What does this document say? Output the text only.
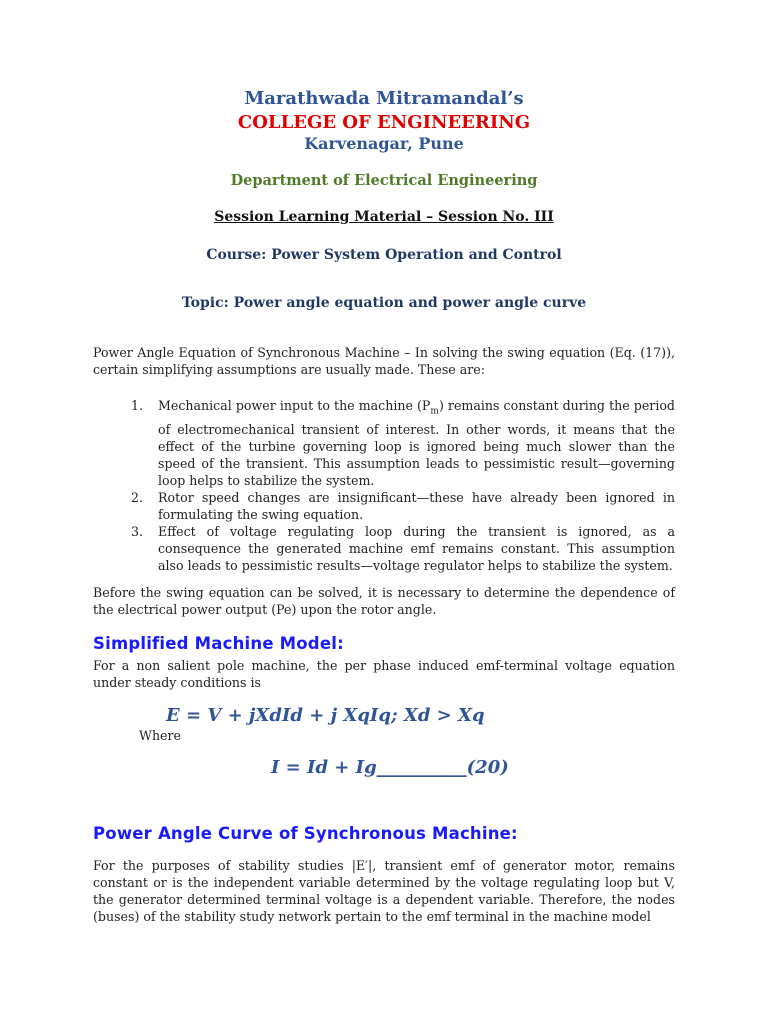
Marathwada Mitramandal’s
COLLEGE OF ENGINEERING
Karvenagar, Pune
Department of Electrical Engineering
Session Learning Material – Session No. III
Course: Power System Operation and Control
Topic: Power angle equation and power angle curve
Power Angle Equation of Synchronous Machine – In solving the swing equation (Eq. (17)), certain simplifying assumptions are usually made. These are:
1. Mechanical power input to the machine $(P_m)$ remains constant during the period of electromechanical transient of interest. In other words, it means that the effect of the turbine governing loop is ignored being much slower than the speed of the transient. This assumption leads to pessimistic result—governing loop helps to stabilize the system.
2. Rotor speed changes are insignificant—these have already been ignored in formulating the swing equation.
3. Effect of voltage regulating loop during the transient is ignored, as a consequence the generated machine emf remains constant. This assumption also leads to pessimistic results—voltage regulator helps to stabilize the system.
Before the swing equation can be solved, it is necessary to determine the dependence of the electrical power output (Pe) upon the rotor angle.
Simplified Machine Model:
For a non salient pole machine, the per phase induced emf-terminal voltage equation under steady conditions is
E = V + jXdId + j XqIq; Xd > Xq
Where
I = Id + Ig__________(20)
Power Angle Curve of Synchronous Machine:
For the purposes of stability studies |E′|, transient emf of generator motor, remains constant or is the independent variable determined by the voltage regulating loop but V, the generator determined terminal voltage is a dependent variable. Therefore, the nodes (buses) of the stability study network pertain to the emf terminal in the machine model
